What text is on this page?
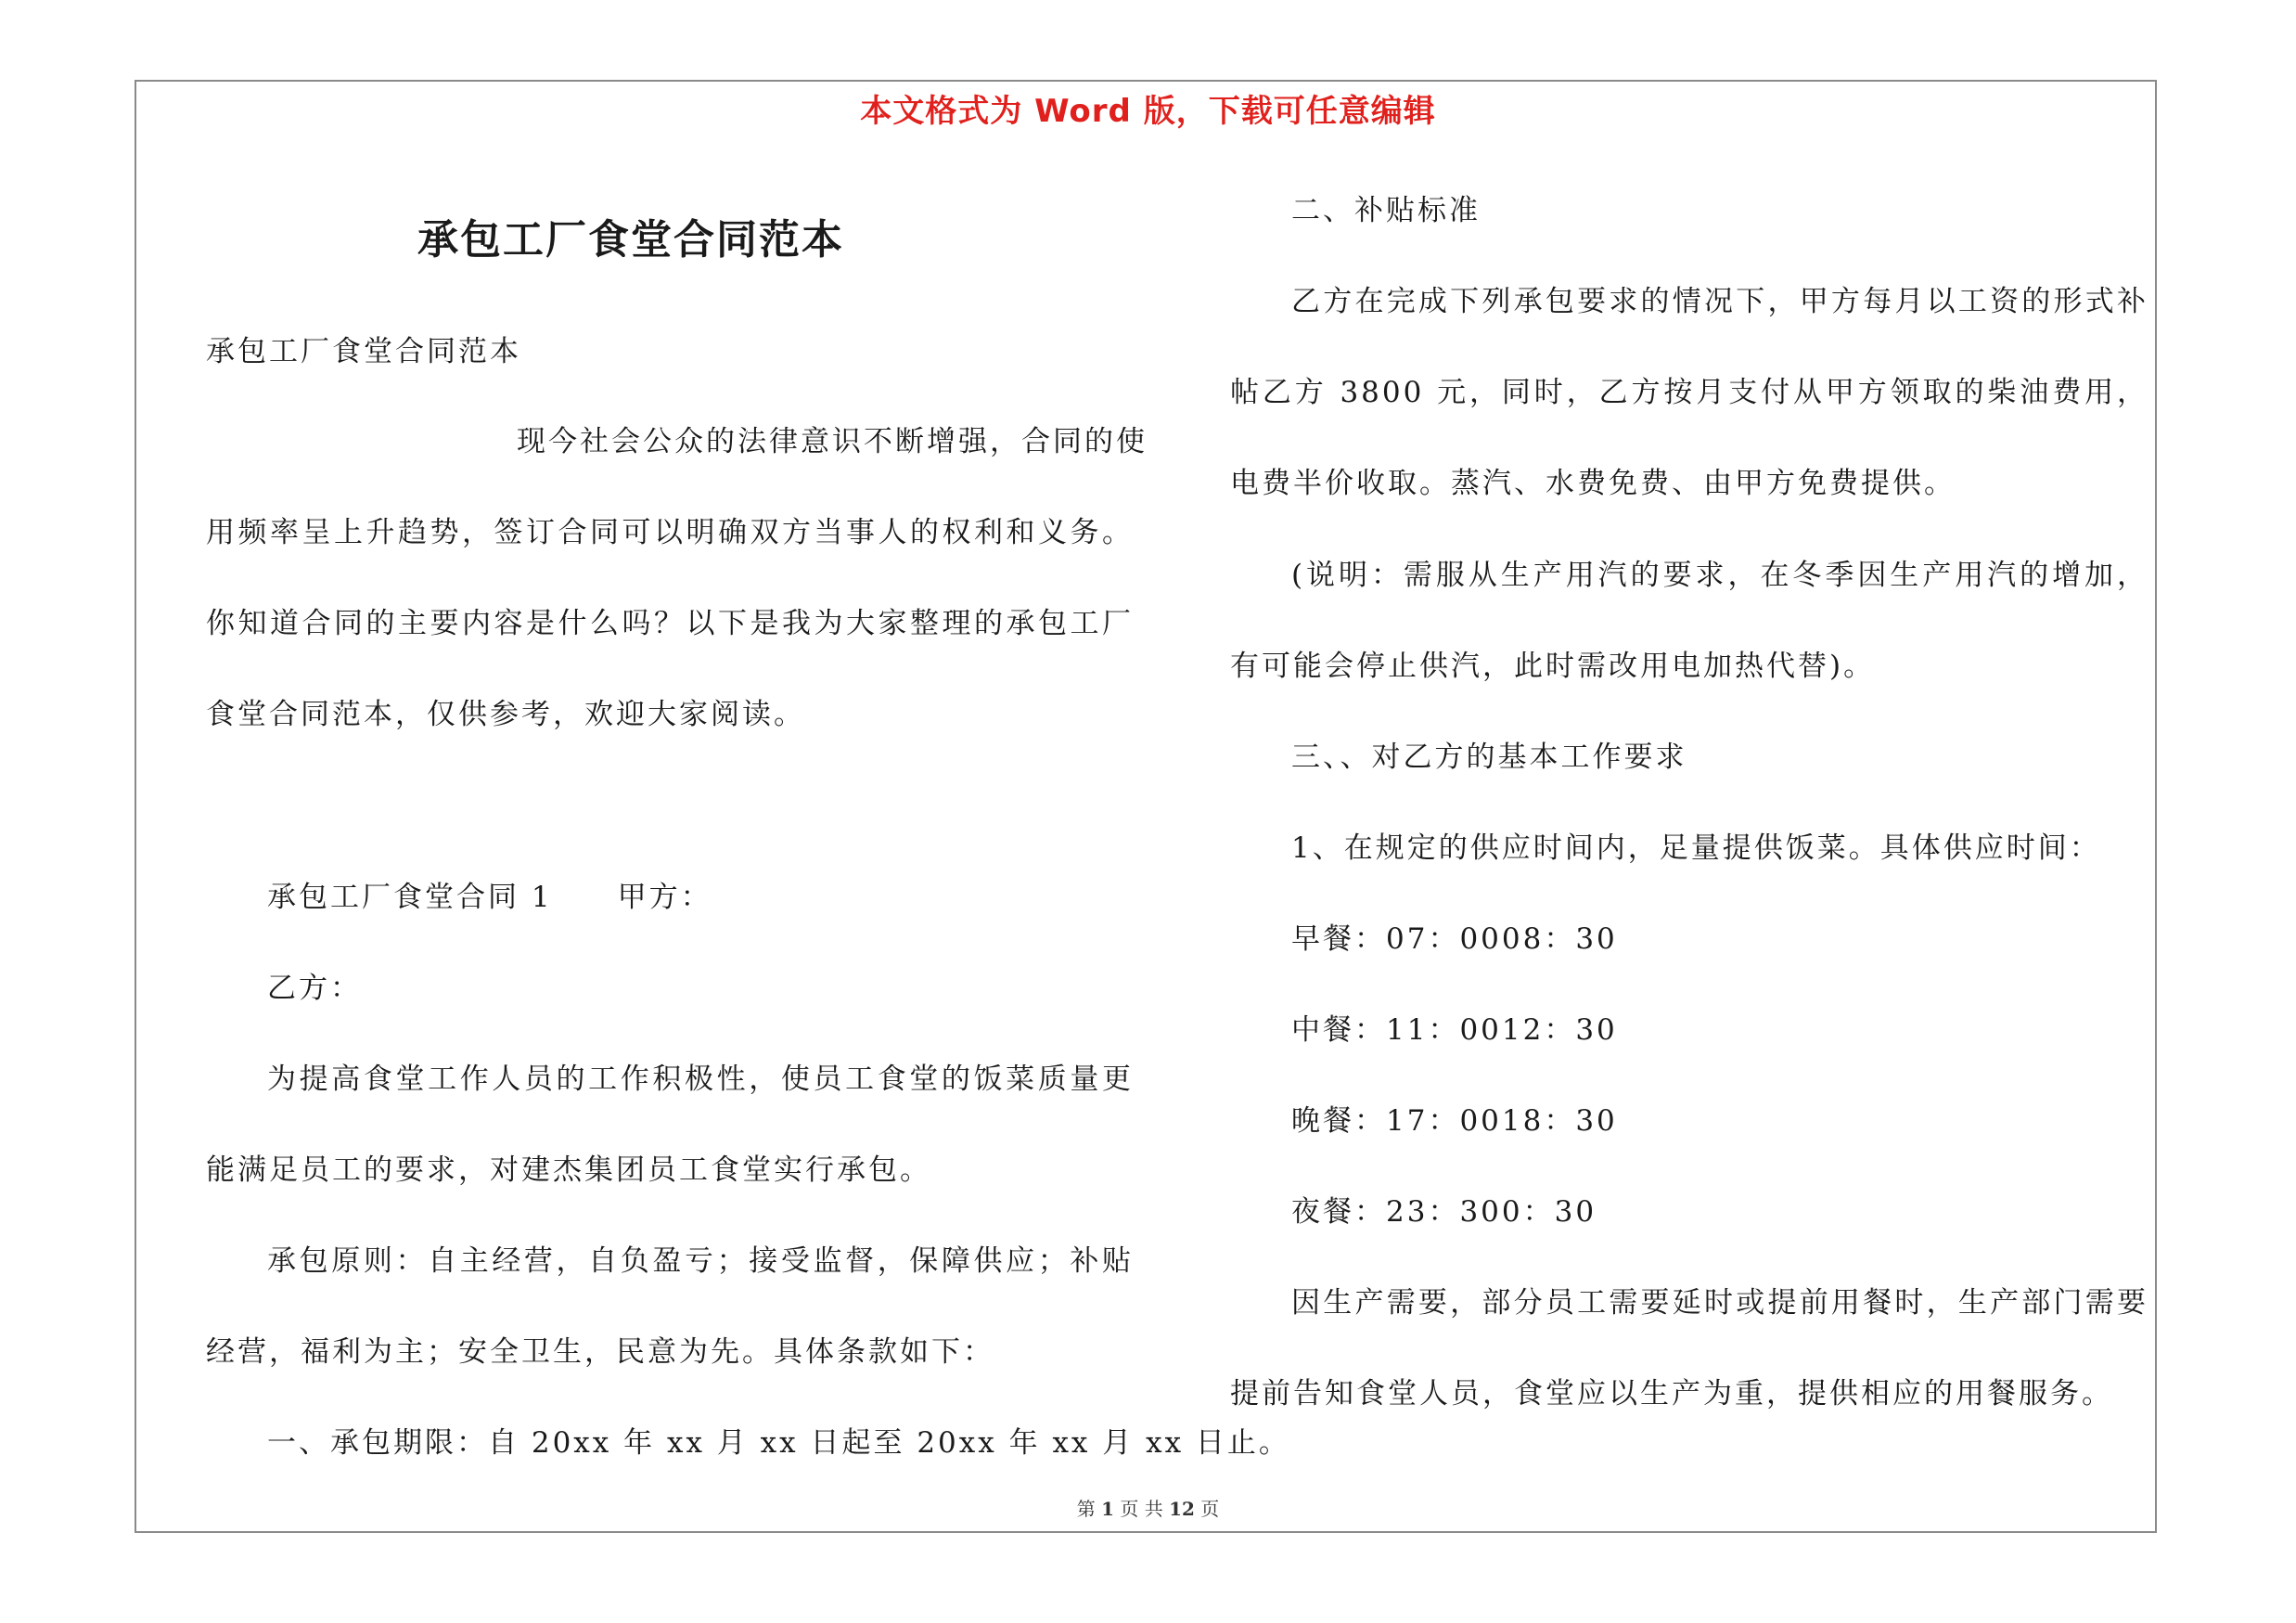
本文格式为 Word 版，下载可任意编辑
承包工厂食堂合同范本
承包工厂食堂合同范本
现今社会公众的法律意识不断增强，合同的使
用频率呈上升趋势，签订合同可以明确双方当事人的权利和义务。你知道合同的主要内容是什么吗？以下是我为大家整理的承包工厂食堂合同范本，仅供参考，欢迎大家阅读。
承包工厂食堂合同 1 甲方：
乙方：
为提高食堂工作人员的工作积极性，使员工食堂的饭菜质量更能满足员工的要求，对建杰集团员工食堂实行承包。
承包原则：自主经营，自负盈亏；接受监督，保障供应；补贴经营，福利为主；安全卫生，民意为先。具体条款如下：
一、承包期限：自 20xx 年 xx 月 xx 日起至 20xx 年 xx 月 xx 日止。
二、补贴标准
乙方在完成下列承包要求的情况下，甲方每月以工资的形式补帖乙方 3800 元，同时，乙方按月支付从甲方领取的柴油费用，电费半价收取。蒸汽、水费免费、由甲方免费提供。
(说明：需服从生产用汽的要求，在冬季因生产用汽的增加，有可能会停止供汽，此时需改用电加热代替)。
三、、对乙方的基本工作要求
1、在规定的供应时间内，足量提供饭菜。具体供应时间：
早餐：07：0008：30
中餐：11：0012：30
晚餐：17：0018：30
夜餐：23：300：30
因生产需要，部分员工需要延时或提前用餐时，生产部门需要提前告知食堂人员，食堂应以生产为重，提供相应的用餐服务。
第 1 页 共 12 页
